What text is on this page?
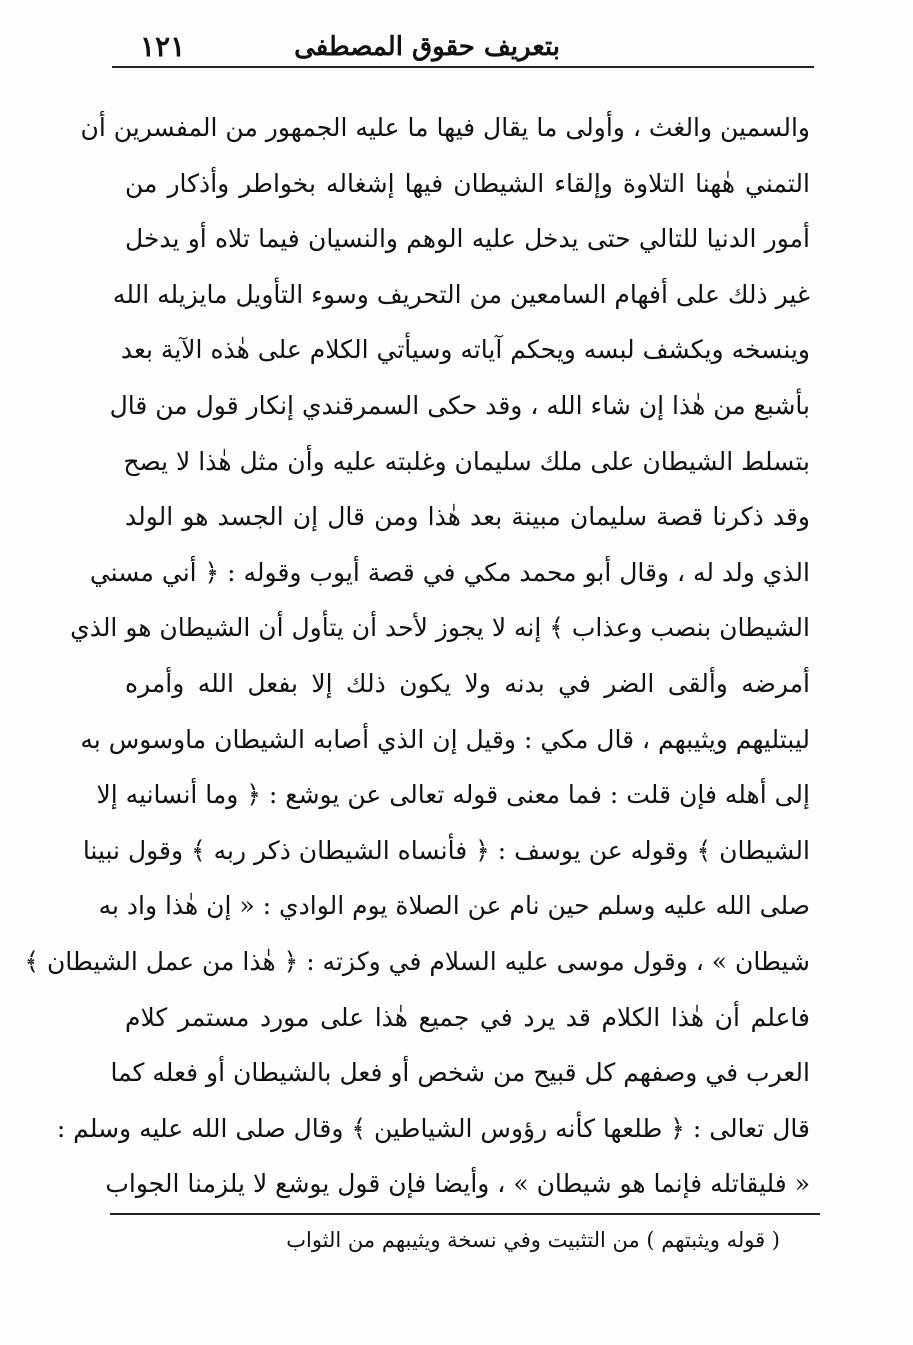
بتعريف حقوق المصطفى
١٢١
والسمين والغث ، وأولى ما يقال فيها ما عليه الجمهور من المفسرين أن
التمني هٰهنا التلاوة وإلقاء الشيطان فيها إشغاله بخواطر وأذكار من
أمور الدنيا للتالي حتى يدخل عليه الوهم والنسيان فيما تلاه أو يدخل
غير ذلك على أفهام السامعين من التحريف وسوء التأويل مايزيله الله
وينسخه ويكشف لبسه ويحكم آياته وسيأتي الكلام على هٰذه الآية بعد
بأشبع من هٰذا إن شاء الله ، وقد حكى السمرقندي إنكار قول من قال
بتسلط الشيطان على ملك سليمان وغلبته عليه وأن مثل هٰذا لا يصح
وقد ذكرنا قصة سليمان مبينة بعد هٰذا ومن قال إن الجسد هو الولد
الذي ولد له ، وقال أبو محمد مكي في قصة أيوب وقوله : ﴿ أني مسني
الشيطان بنصب وعذاب ﴾ إنه لا يجوز لأحد أن يتأول أن الشيطان هو الذي
أمرضه وألقى الضر في بدنه ولا يكون ذلك إلا بفعل الله وأمره
ليبتليهم ويثيبهم ، قال مكي : وقيل إن الذي أصابه الشيطان ماوسوس به
إلى أهله فإن قلت : فما معنى قوله تعالى عن يوشع : ﴿ وما أنسانيه إلا
الشيطان ﴾ وقوله عن يوسف : ﴿ فأنساه الشيطان ذكر ربه ﴾ وقول نبينا
صلى الله عليه وسلم حين نام عن الصلاة يوم الوادي : « إن هٰذا واد به
شيطان » ، وقول موسى عليه السلام في وكزته : ﴿ هٰذا من عمل الشيطان ﴾
فاعلم أن هٰذا الكلام قد يرد في جميع هٰذا على مورد مستمر كلام
العرب في وصفهم كل قبيح من شخص أو فعل بالشيطان أو فعله كما
قال تعالى : ﴿ طلعها كأنه رؤوس الشياطين ﴾ وقال صلى الله عليه وسلم :
« فليقاتله فإنما هو شيطان » ، وأيضا فإن قول يوشع لا يلزمنا الجواب
( قوله ويثبتهم ) من التثبيت وفي نسخة ويثيبهم من الثواب
